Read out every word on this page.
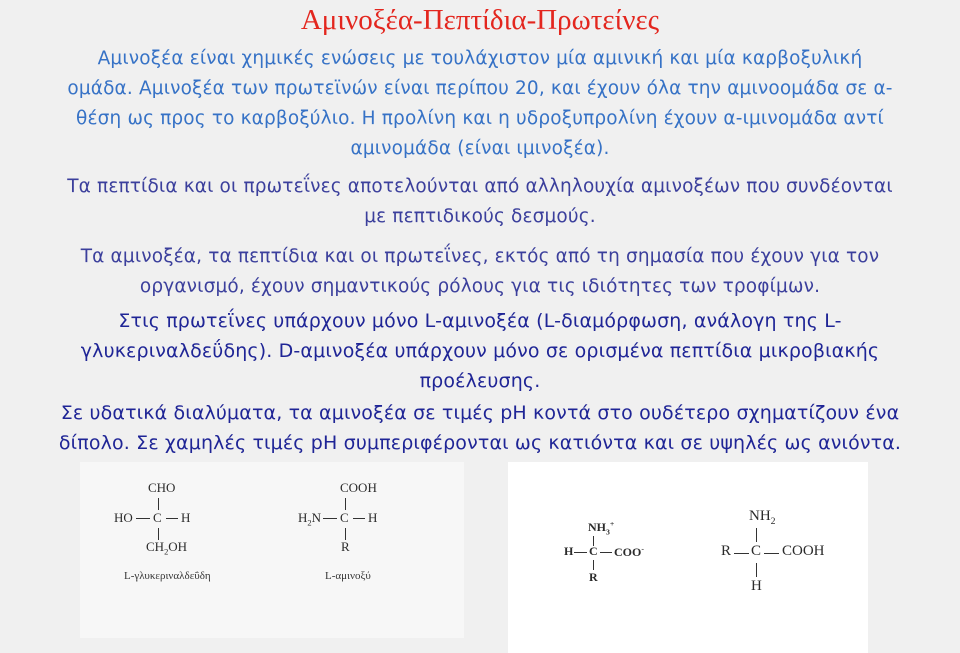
Αμινοξέα-Πεπτίδια-Πρωτείνες
Αμινοξέα είναι χημικές ενώσεις με τουλάχιστον μία αμινική και μία καρβοξυλική
ομάδα. Αμινοξέα των πρωτεϊνών είναι περίπου 20, και έχουν όλα την αμινοομάδα σε α-
θέση ως προς το καρβοξύλιο. Η προλίνη και η υδροξυπρολίνη έχουν α-ιμινομάδα αντί
αμινομάδα (είναι ιμινοξέα).
Τα πεπτίδια και οι πρωτεΐνες αποτελούνται από αλληλουχία αμινοξέων που συνδέονται
με πεπτιδικούς δεσμούς.
Τα αμινοξέα, τα πεπτίδια και οι πρωτεΐνες, εκτός από τη σημασία που έχουν για τον
οργανισμό, έχουν σημαντικούς ρόλους για τις ιδιότητες των τροφίμων.
Στις πρωτεΐνες υπάρχουν μόνο L-αμινοξέα (L-διαμόρφωση, ανάλογη της L-
γλυκεριναλδεΰδης). D-αμινοξέα υπάρχουν μόνο σε ορισμένα πεπτίδια μικροβιακής
προέλευσης.
Σε υδατικά διαλύματα, τα αμινοξέα σε τιμές pH κοντά στο ουδέτερο σχηματίζουν ένα
δίπολο. Σε χαμηλές τιμές pH συμπεριφέρονται ως κατιόντα και σε υψηλές ως ανιόντα.
CHO
HO C H
$CH_2OH$
L-γλυκεριναλδεΰδη
COOH
$H_2N$ C H
R
L-αμινοξύ
$NH_3^+$
H C COO-
R
$NH_2$
R C COOH
H
